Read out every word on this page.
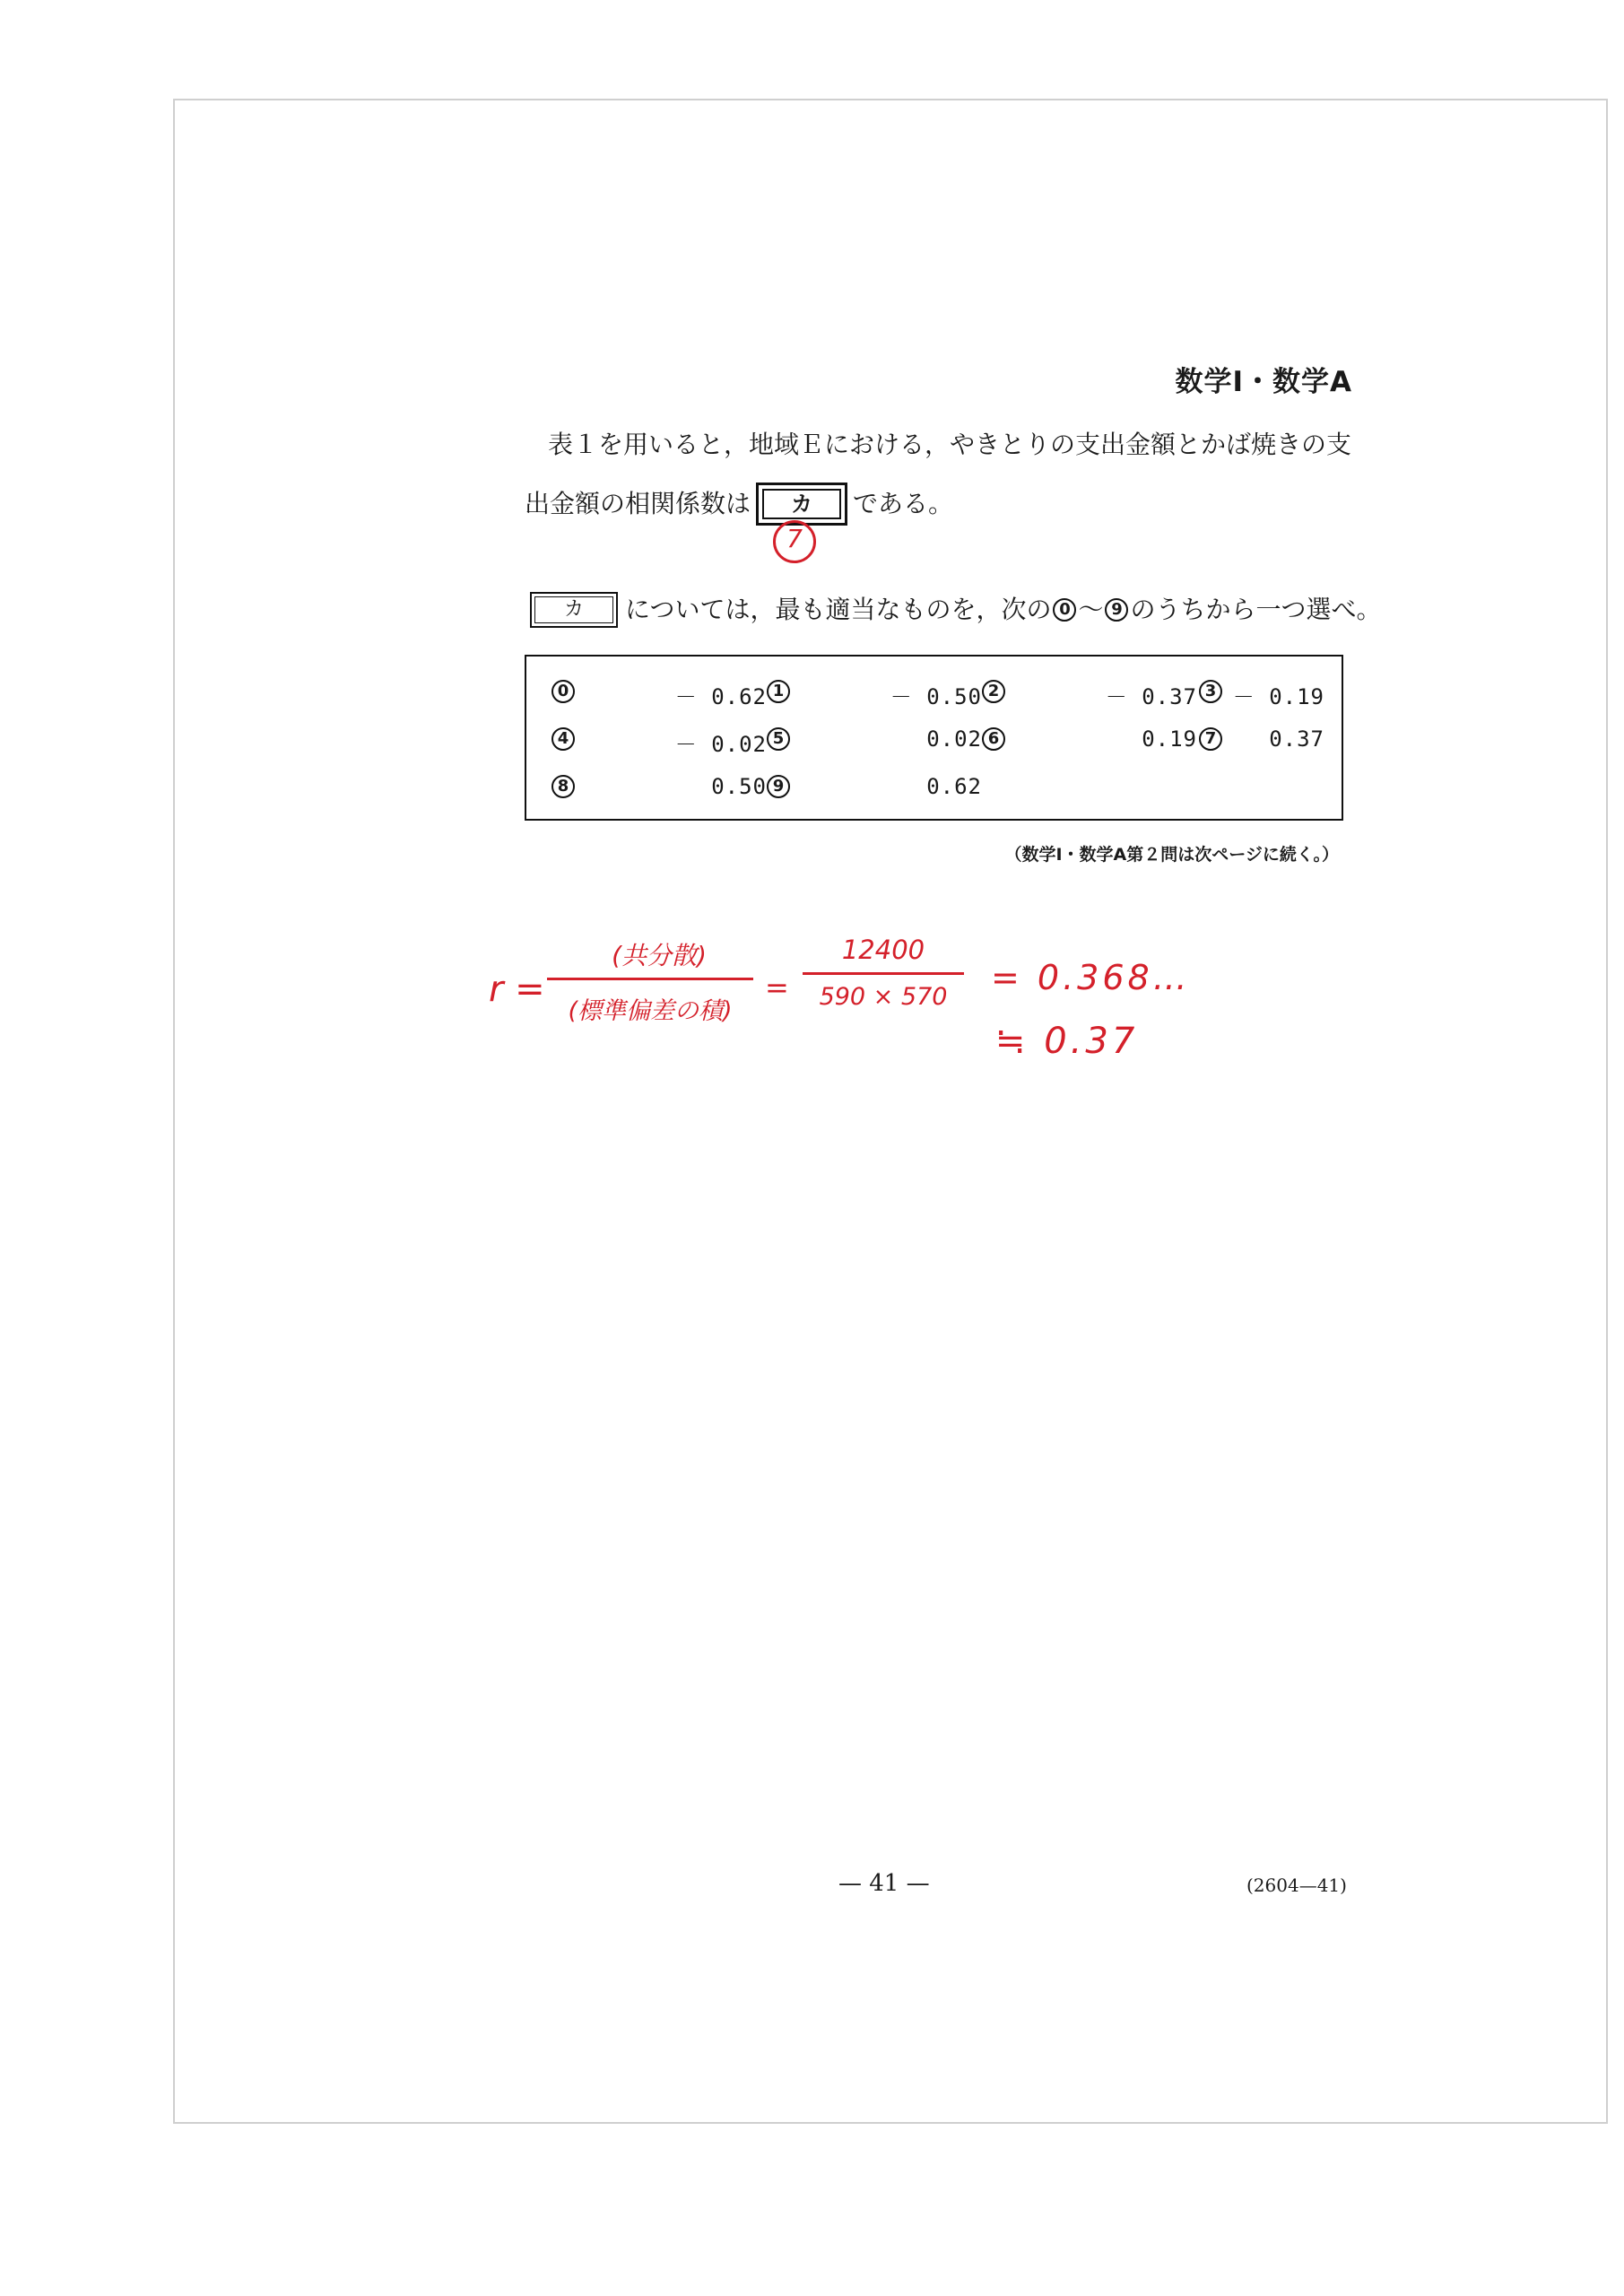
数学Ⅰ・数学A
表１を用いると，地域Ｅにおける，やきとりの支出金額とかば焼きの支
出金額の相関係数は	カ	である。
カ	については，最も適当なものを，次の 0 ～ 9 のうちから一つ選べ。
0	－ 0.62 1	－ 0.50 2	－ 0.37 3 － 0.19
4	－ 0.02 5	0.02 6	0.19 7 0.37
8	0.50 9	0.62
（数学Ⅰ・数学A第２問は次ページに続く。）
7
r =
(共分散)
(標準偏差の積)
=
12400
590 × 570	= 0.368…
≒ 0.37
— 41 —	(2604—41)
